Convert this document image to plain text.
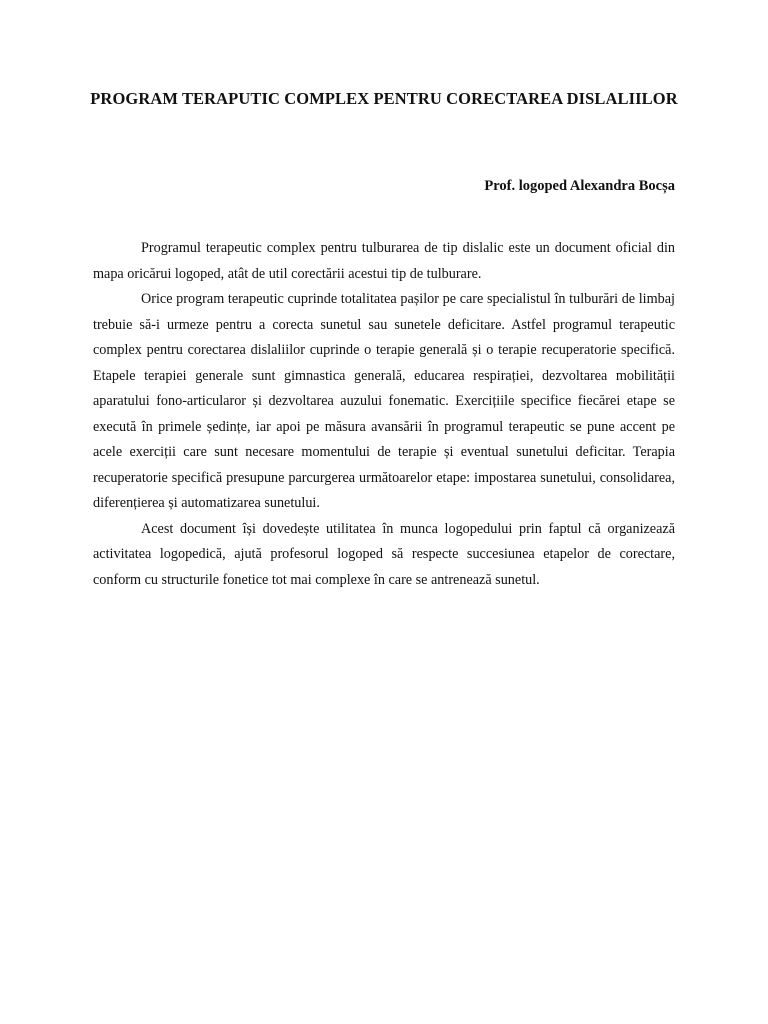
PROGRAM TERAPUTIC COMPLEX PENTRU CORECTAREA DISLALIILOR
Prof. logoped Alexandra Bocșa

Programul terapeutic complex pentru tulburarea de tip dislalic este un document oficial din mapa oricărui logoped, atât de util corectării acestui tip de tulburare.

Orice program terapeutic cuprinde totalitatea pașilor pe care specialistul în tulburări de limbaj trebuie să-i urmeze pentru a corecta sunetul sau sunetele deficitare. Astfel programul terapeutic complex pentru corectarea dislaliilor cuprinde o terapie generală și o terapie recuperatorie specifică. Etapele terapiei generale sunt gimnastica generală, educarea respirației, dezvoltarea mobilității aparatului fono-articularor și dezvoltarea auzului fonematic. Exercițiile specifice fiecărei etape se execută în primele ședințe, iar apoi pe măsura avansării în programul terapeutic se pune accent pe acele exerciții care sunt necesare momentului de terapie și eventual sunetului deficitar. Terapia recuperatorie specifică presupune parcurgerea următoarelor etape: impostarea sunetului, consolidarea, diferențierea și automatizarea sunetului.

Acest document își dovedește utilitatea în munca logopedului prin faptul că organizează activitatea logopedică, ajută profesorul logoped să respecte succesiunea etapelor de corectare, conform cu structurile fonetice tot mai complexe în care se antrenează sunetul.
